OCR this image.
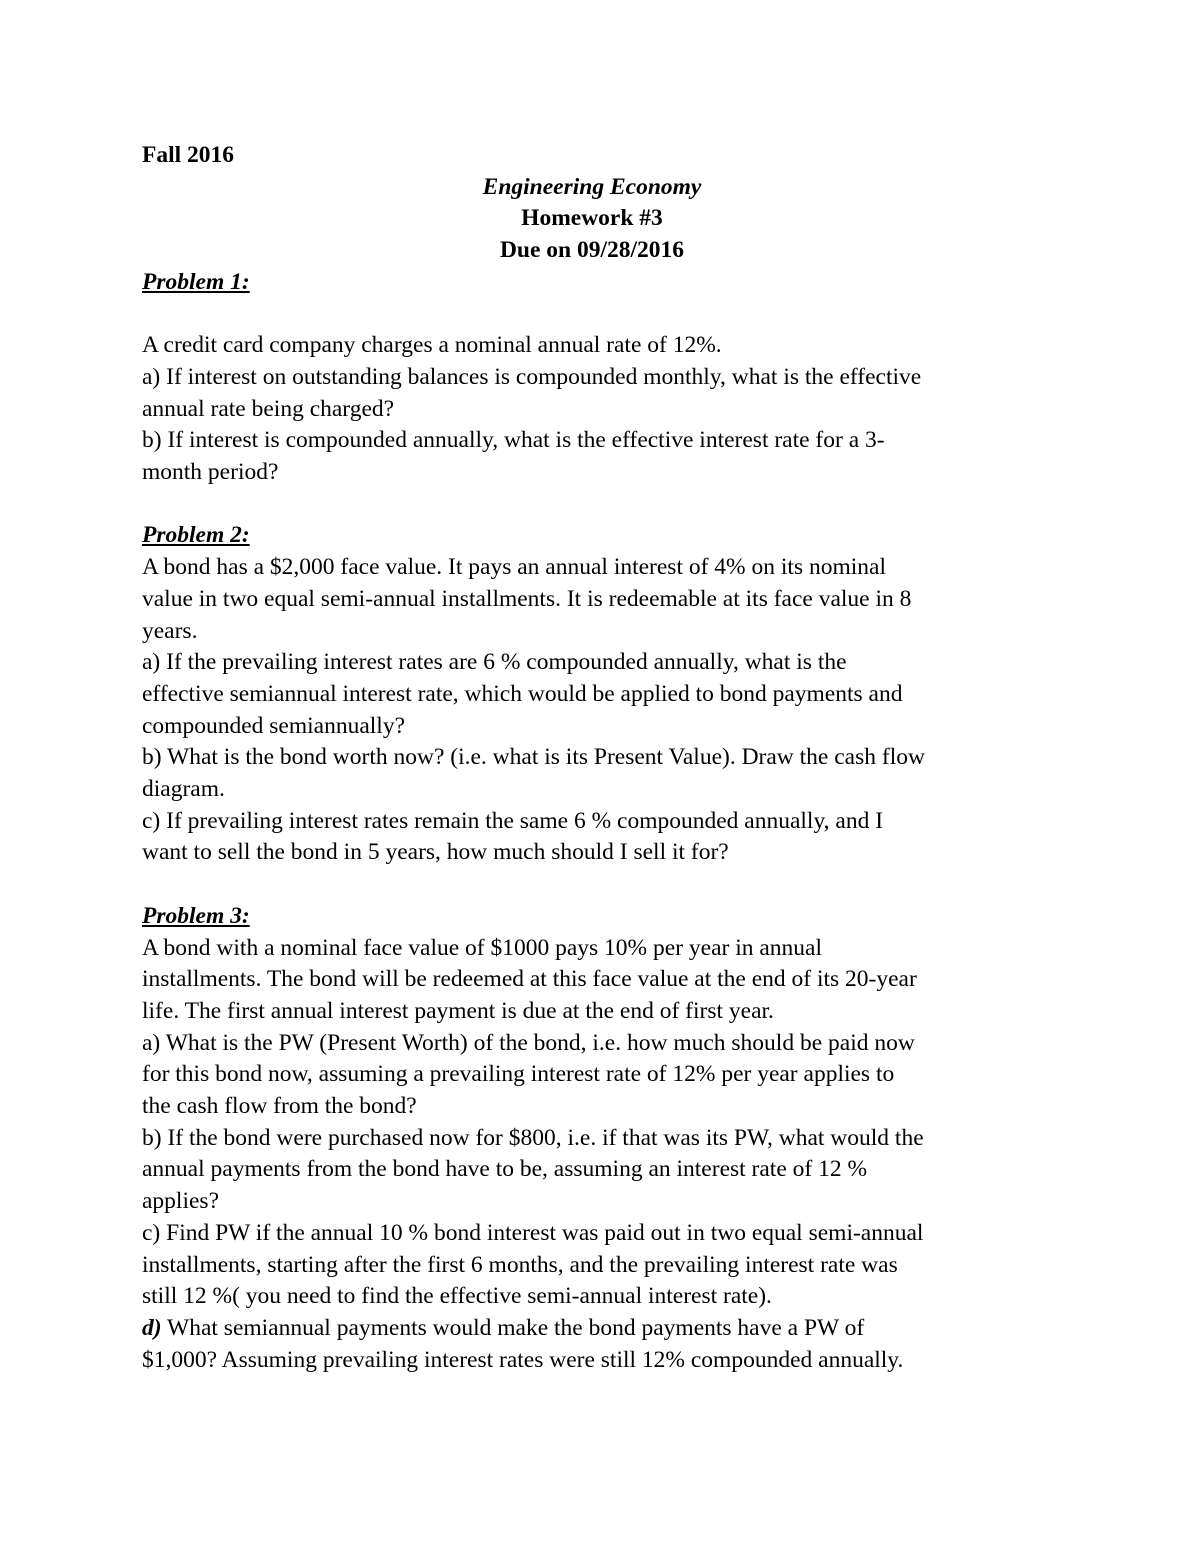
Fall 2016

Engineering Economy

Homework #3

Due on 09/28/2016

Problem 1:

A credit card company charges a nominal annual rate of 12%.

a) If interest on outstanding balances is compounded monthly, what is the effective

annual rate being charged?

b) If interest is compounded annually, what is the effective interest rate for a 3-

month period?

Problem 2:

A bond has a $2,000 face value. It pays an annual interest of 4% on its nominal

value in two equal semi-annual installments. It is redeemable at its face value in 8

years.

a) If the prevailing interest rates are 6 % compounded annually, what is the

effective semiannual interest rate, which would be applied to bond payments and

compounded semiannually?

b) What is the bond worth now? (i.e. what is its Present Value). Draw the cash flow

diagram.

c) If prevailing interest rates remain the same 6 % compounded annually, and I

want to sell the bond in 5 years, how much should I sell it for?

Problem 3:

A bond with a nominal face value of $1000 pays 10% per year in annual

installments. The bond will be redeemed at this face value at the end of its 20-year

life. The first annual interest payment is due at the end of first year.

a) What is the PW (Present Worth) of the bond, i.e. how much should be paid now

for this bond now, assuming a prevailing interest rate of 12% per year applies to

the cash flow from the bond?

b) If the bond were purchased now for $800, i.e. if that was its PW, what would the

annual payments from the bond have to be, assuming an interest rate of 12 %

applies?

c) Find PW if the annual 10 % bond interest was paid out in two equal semi-annual

installments, starting after the first 6 months, and the prevailing interest rate was

still 12 %( you need to find the effective semi-annual interest rate).

d) What semiannual payments would make the bond payments have a PW of

$1,000? Assuming prevailing interest rates were still 12% compounded annually.
